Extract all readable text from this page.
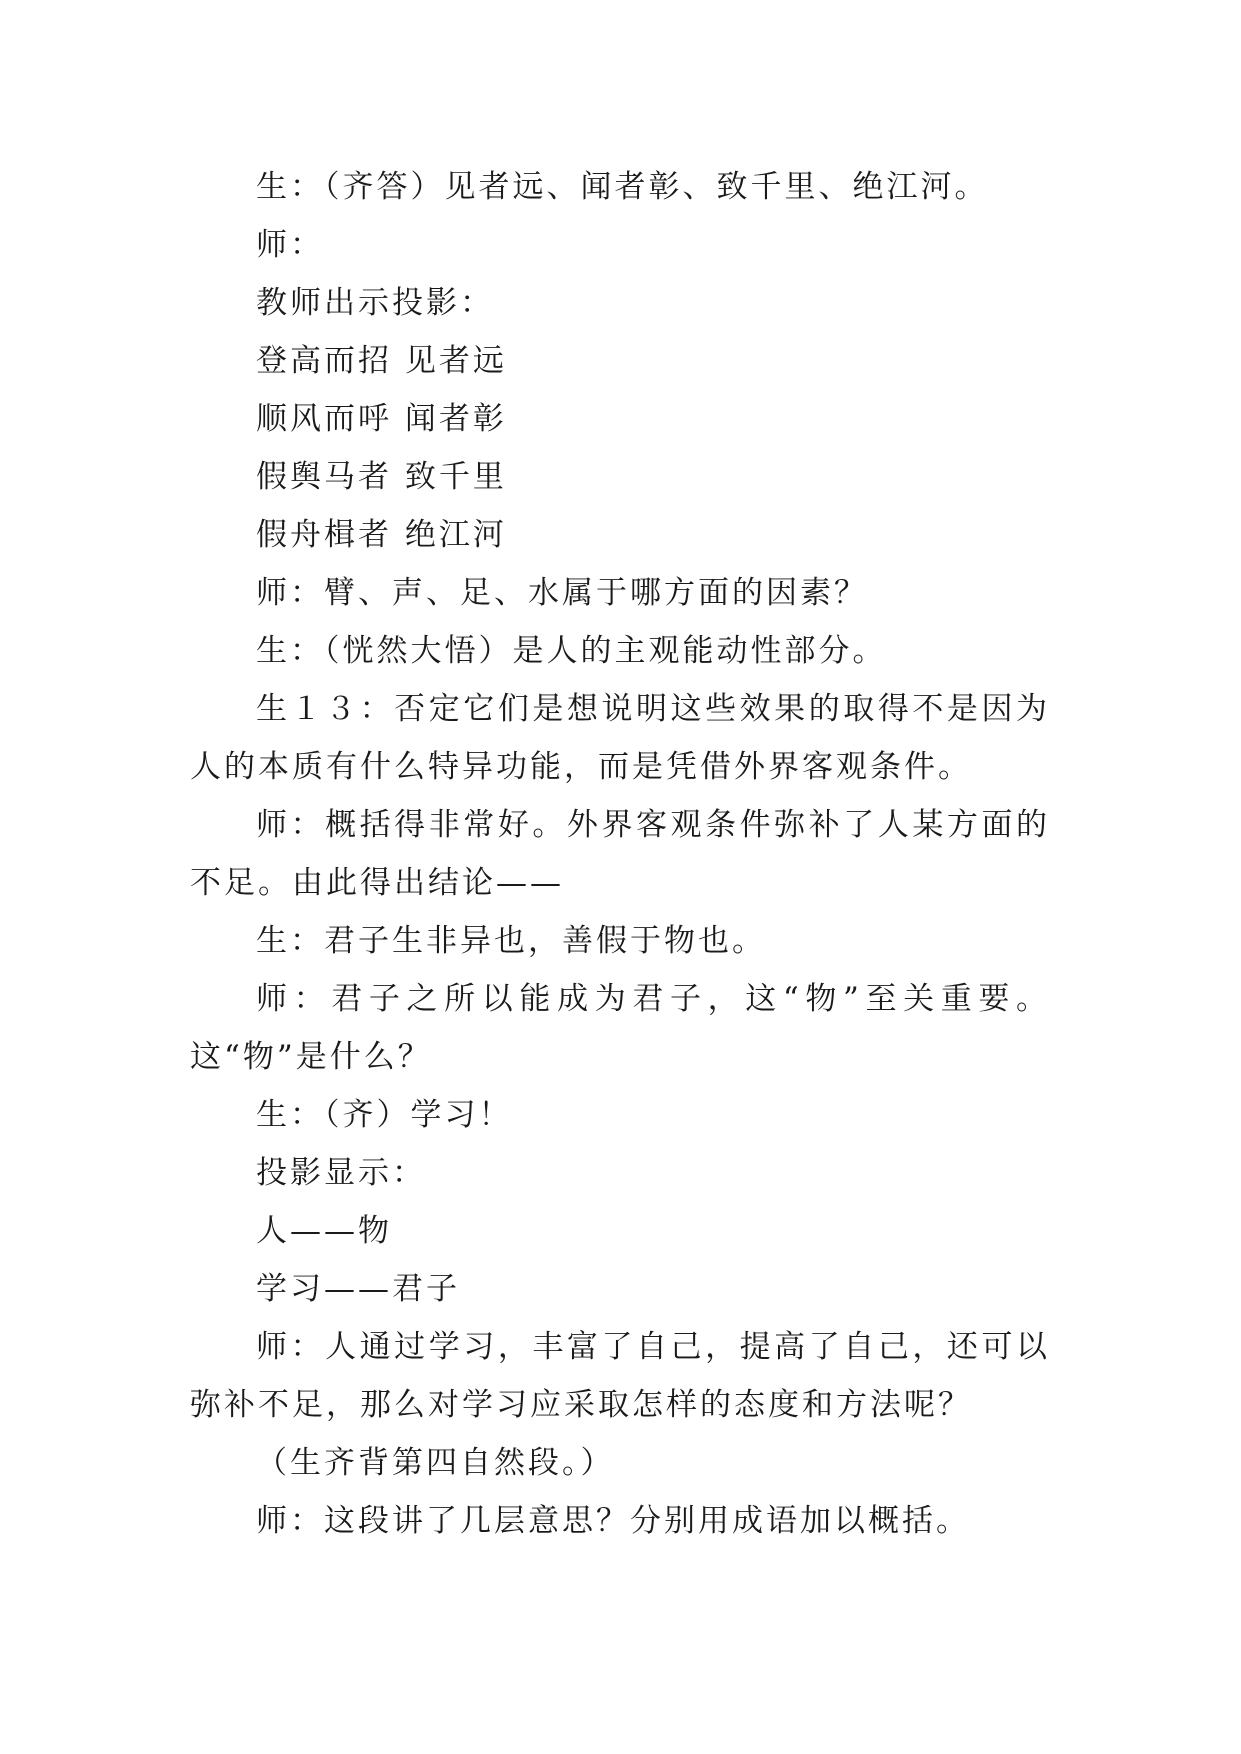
生：（齐答）见者远、闻者彰、致千里、绝江河。

师：

教师出示投影：

登高而招 见者远

顺风而呼 闻者彰

假舆马者 致千里

假舟楫者 绝江河

师：臂、声、足、水属于哪方面的因素？

生：（恍然大悟）是人的主观能动性部分。

生１３：否定它们是想说明这些效果的取得不是因为人的本质有什么特异功能，而是凭借外界客观条件。

师：概括得非常好。外界客观条件弥补了人某方面的不足。由此得出结论——

生：君子生非异也，善假于物也。

师：君子之所以能成为君子，这“物”至关重要。这“物”是什么？

生：（齐）学习！

投影显示：

人——物

学习——君子

师：人通过学习，丰富了自己，提高了自己，还可以弥补不足，那么对学习应采取怎样的态度和方法呢？

（生齐背第四自然段。）

师：这段讲了几层意思？分别用成语加以概括。
